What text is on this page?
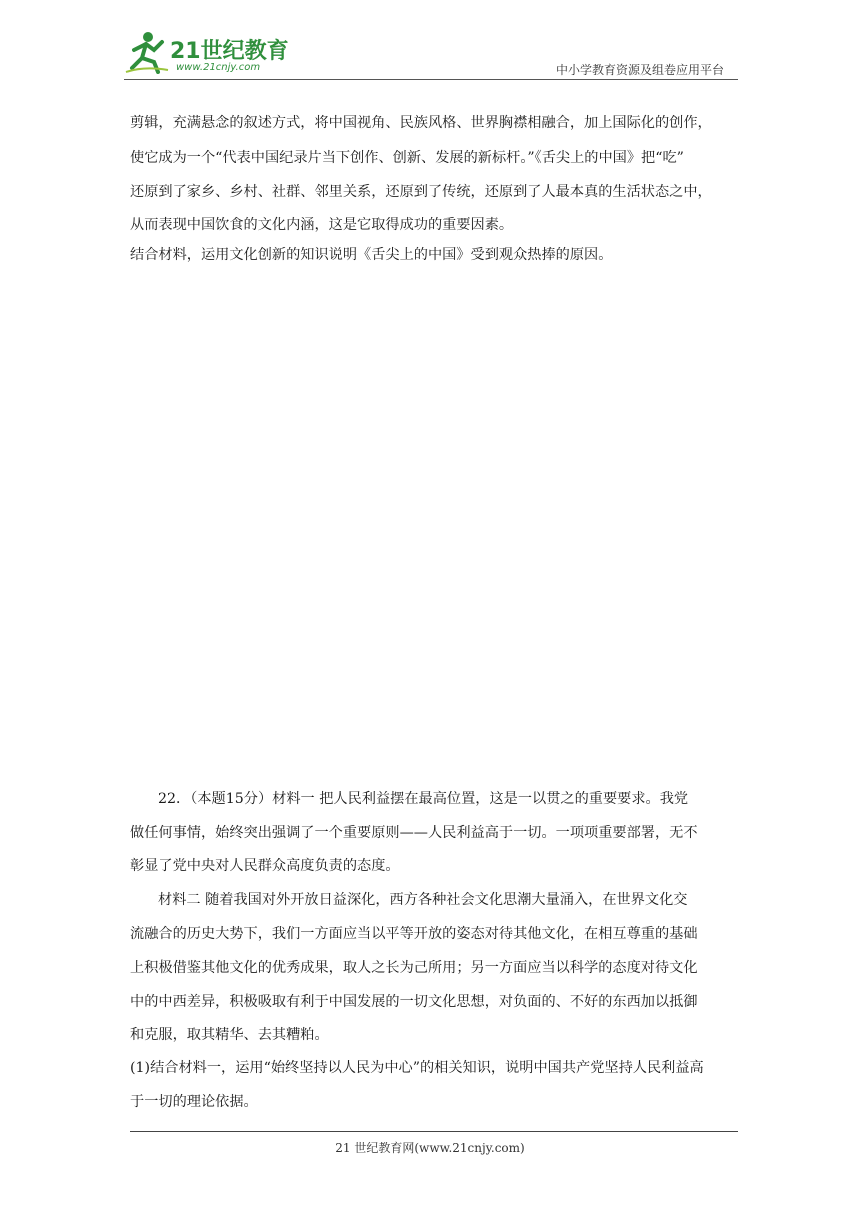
21世纪教育
www.21cnjy.com	中小学教育资源及组卷应用平台
剪辑，充满悬念的叙述方式，将中国视角、民族风格、世界胸襟相融合，加上国际化的创作，
使它成为一个“代表中国纪录片当下创作、创新、发展的新标杆。”《舌尖上的中国》把“吃”
还原到了家乡、乡村、社群、邻里关系，还原到了传统，还原到了人最本真的生活状态之中，
从而表现中国饮食的文化内涵，这是它取得成功的重要因素。
结合材料，运用文化创新的知识说明《舌尖上的中国》受到观众热捧的原因。
22．（本题15分）材料一 把人民利益摆在最高位置，这是一以贯之的重要要求。我党
做任何事情，始终突出强调了一个重要原则——人民利益高于一切。一项项重要部署，无不
彰显了党中央对人民群众高度负责的态度。
材料二 随着我国对外开放日益深化，西方各种社会文化思潮大量涌入，在世界文化交
流融合的历史大势下，我们一方面应当以平等开放的姿态对待其他文化，在相互尊重的基础
上积极借鉴其他文化的优秀成果，取人之长为己所用；另一方面应当以科学的态度对待文化
中的中西差异，积极吸取有利于中国发展的一切文化思想，对负面的、不好的东西加以抵御
和克服，取其精华、去其糟粕。
(1)结合材料一，运用“始终坚持以人民为中心”的相关知识，说明中国共产党坚持人民利益高
于一切的理论依据。
21 世纪教育网(www.21cnjy.com)
